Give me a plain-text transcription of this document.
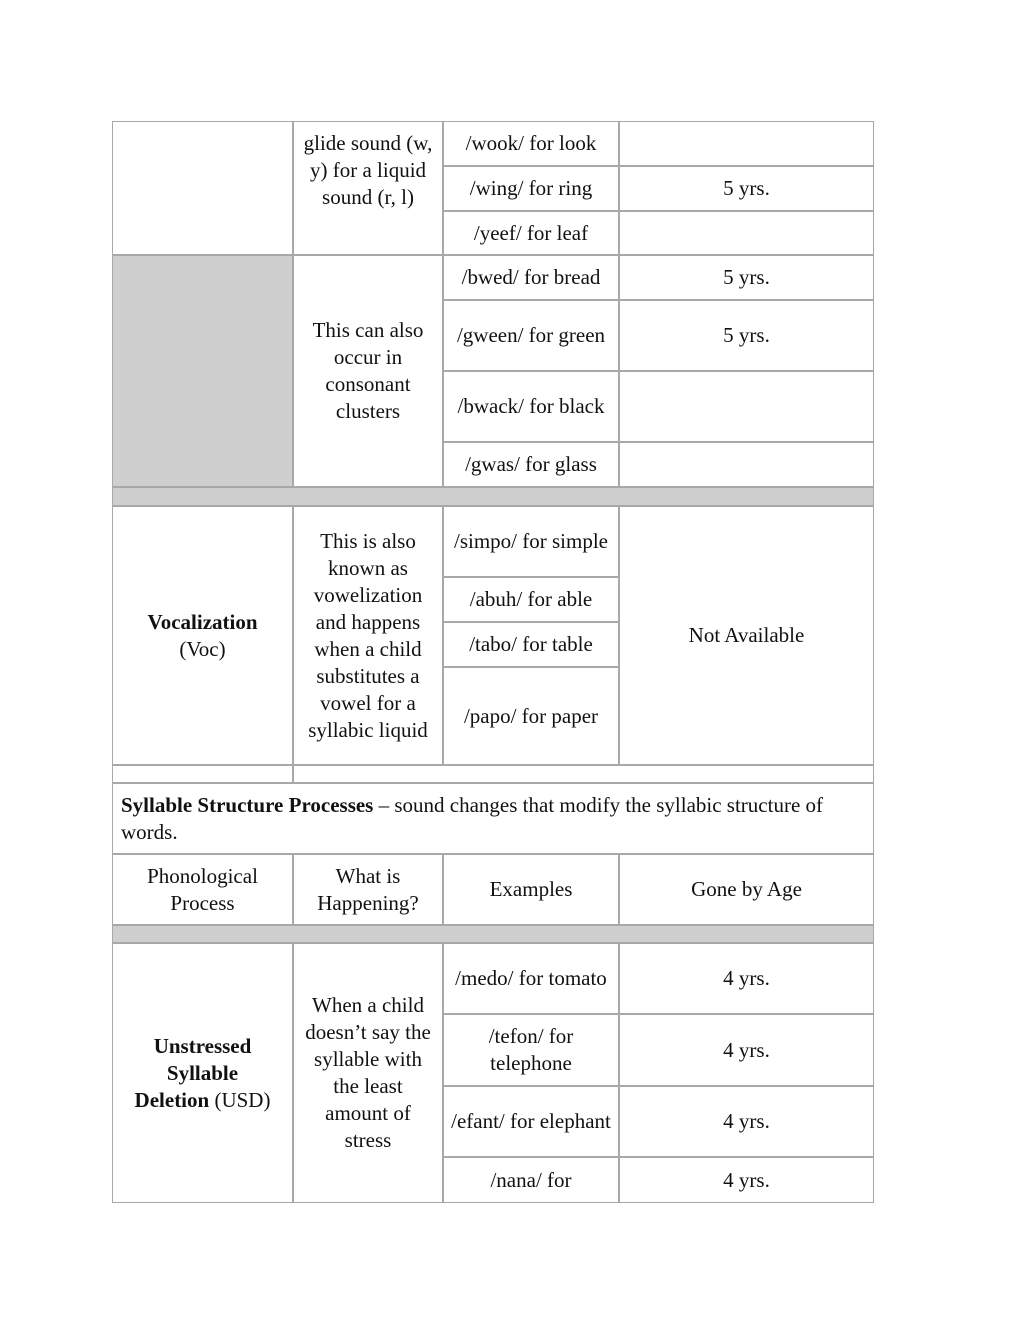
glide sound (w, y) for a liquid sound (r, l)
/wook/ for look
/wing/ for ring
/yeef/ for leaf
5 yrs.
This can also occur in consonant clusters
/bwed/ for bread
/gween/ for green
/bwack/ for black
/gwas/ for glass
5 yrs.
5 yrs.
Vocalization
(Voc)
This is also known as vowelization and happens when a child substitutes a vowel for a syllabic liquid
/simpo/ for simple
/abuh/ for able
/tabo/ for table
/papo/ for paper
Not Available
Syllable Structure Processes – sound changes that modify the syllabic structure of words.
Phonological Process
What is Happening?
Examples	Gone by Age
Unstressed Syllable
Deletion (USD)
When a child doesn’t say the syllable with the least amount of stress
/medo/ for tomato
/tefon/ for telephone
/efant/ for elephant
/nana/ for
4 yrs.
4 yrs.
4 yrs.
4 yrs.
